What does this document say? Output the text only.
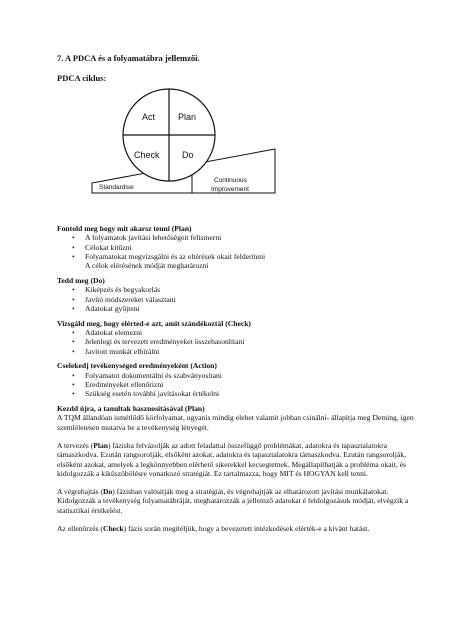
7. A PDCA és a folyamatábra jellemzői.
PDCA ciklus:
Standardise
Continuous
Improvement
Act	Plan
Check Do
Fontold meg hogy mit akarsz tenni (Plan)
• A folyamatok javítási lehetőségeit felismerni
• Célokat kitűzni
• Folyamatokat megvizsgálni és az eltérések okait felderíteni
A célok elérésének módját meghatározni
Tedd meg (Do)
• Kiképzés és begyakorlás
• Javító módszereket választani
• Adatokat gyűjteni
Vizsgáld meg, hogy elérted-e azt, amit szándékoztál (Check)
• Adatokat elemezni
• Jelenlegi és tervezett eredményeket összehasonlítani
• Javított munkát elbírálni
Cselekedj tevékenységed eredményeként (Action)
• Folyamatot dokumentálni és szabványosítani
• Eredményeket ellenőrizni
• Szükség esetén további javításokat értékelni
Kezdd újra, a tanultak hasznosításával (Plan)
A TQM állandóan ismétlődő körfolyamat, ugyanis mindig elehet valamit jobban csinálni- állapítja meg Deming, igen szemléletesen mutatva be a tevékenység lényegét.

A tervezés (Plan) fázisba felvázolják az adott feladattal összefüggő problémákat, adatokra és tapasztalatokra támaszkodva. Ezután rangsorolják, elsőként azokat, adatokra és tapasztalatokra támaszkodva. Ezután rangsorolják, elsőként azokat, amelyek a legkönnyebben elérhető sikerekkel kecsegtetnek. Megállapíthatják a probléma okait, és kidolgozzák a kiküszöbölésre vonatkozó stratégiát. Ez tartalmazza, hogy MIT és HOGYAN kell tenni.

A végrehajtás (Do) fázisban valósítják meg a stratégiát, és végrehajtják az elhatározott javítási munkálatokat. Kidolgozzák a tevékenység folyamatábráját, meghatározzák a jellemző adatokat é feldolgozásuk módját, elvégzik a statisztikai értékelést.

Az ellenőrzés (Check) fázis során megítéljük, hogy a bevezetett intézkedések elérték-e a kívánt hatást.
